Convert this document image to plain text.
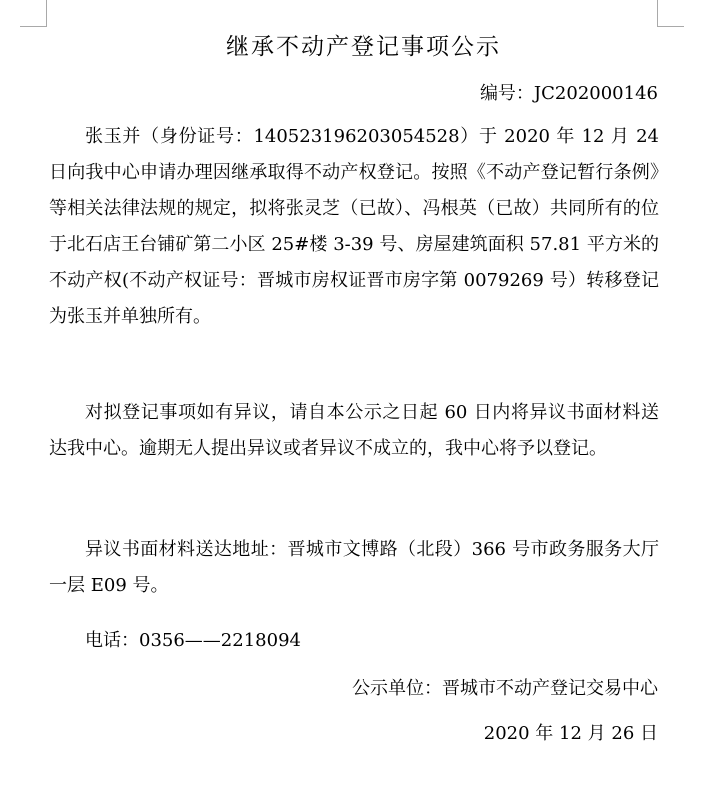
继承不动产登记事项公示
编号：JC202000146

张玉并（身份证号：140523196203054528）于 2020 年 12 月 24 日向我中心申请办理因继承取得不动产权登记。按照《不动产登记暂行条例》等相关法律法规的规定，拟将张灵芝（已故）、冯根英（已故）共同所有的位于北石店王台铺矿第二小区 25#楼 3-39 号、房屋建筑面积 57.81 平方米的不动产权(不动产权证号：晋城市房权证晋市房字第 0079269 号）转移登记为张玉并单独所有。

对拟登记事项如有异议，请自本公示之日起 60 日内将异议书面材料送达我中心。逾期无人提出异议或者异议不成立的，我中心将予以登记。

异议书面材料送达地址：晋城市文博路（北段）366 号市政务服务大厅一层 E09 号。

电话：0356——2218094
公示单位：晋城市不动产登记交易中心
2020 年 12 月 26 日
